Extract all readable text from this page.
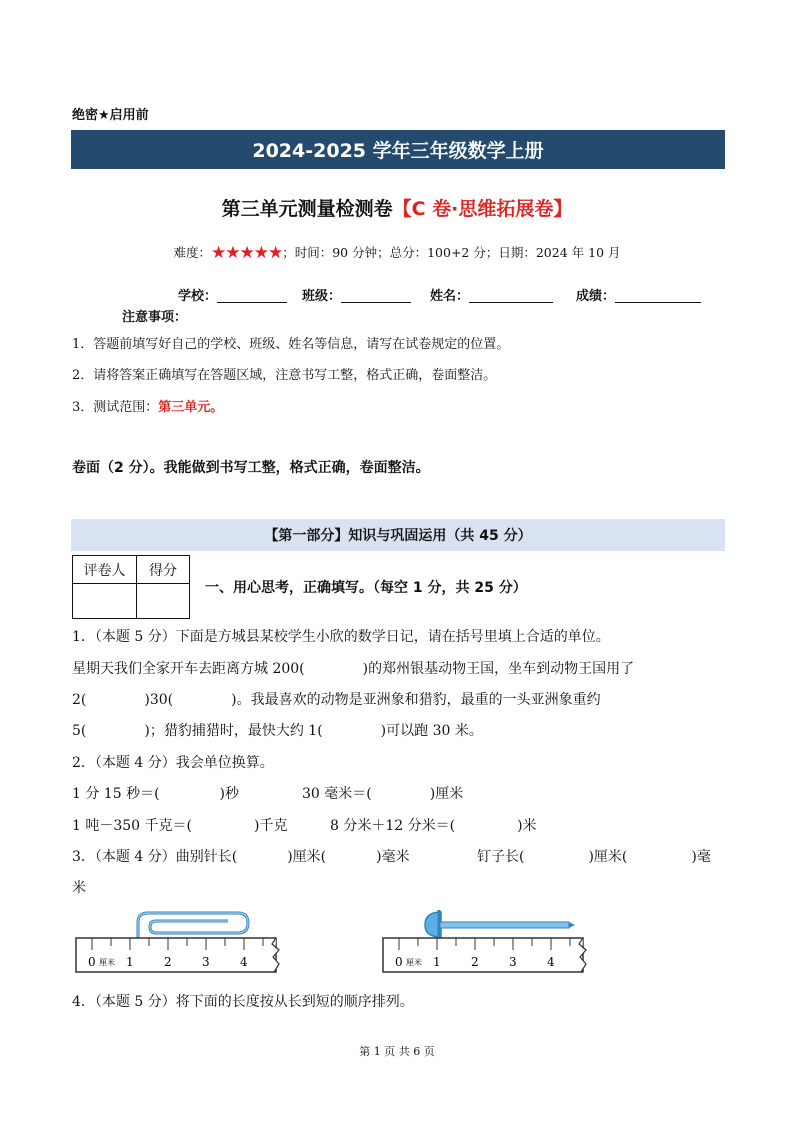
绝密★启用前
2024-2025 学年三年级数学上册
第三单元测量检测卷【C 卷·思维拓展卷】
难度：★★★★★；时间：90 分钟；总分：100+2 分；日期：2024 年 10 月
学校：	班级：	姓名：	成绩：
注意事项：
1．答题前填写好自己的学校、班级、姓名等信息，请写在试卷规定的位置。
2．请将答案正确填写在答题区域，注意书写工整，格式正确，卷面整洁。
3．测试范围：第三单元。
卷面（2 分）。我能做到书写工整，格式正确，卷面整洁。
【第一部分】知识与巩固运用（共 45 分）
评卷人	得分

一、用心思考，正确填写。（每空 1 分，共 25 分）
1．（本题 5 分）下面是方城县某校学生小欣的数学日记，请在括号里填上合适的单位。
星期天我们全家开车去距离方城 200(	)的郑州银基动物王国，坐车到动物王国用了
2(	)30(	)。我最喜欢的动物是亚洲象和猎豹，最重的一头亚洲象重约
5(	)；猎豹捕猎时，最快大约 1(	)可以跑 30 米。
2．（本题 4 分）我会单位换算。
1 分 15 秒＝(	)秒	30 毫米＝(	)厘米
1 吨－350 千克＝(	)千克	8 分米＋12 分米＝(	)米
3．（本题 4 分）曲别针长(	)厘米(	)毫米	钉子长(	)厘米(	)毫
米
0 厘米 1	2	3	4	0 厘米 1	2	3	4
4．（本题 5 分）将下面的长度按从长到短的顺序排列。
第 1 页 共 6 页
